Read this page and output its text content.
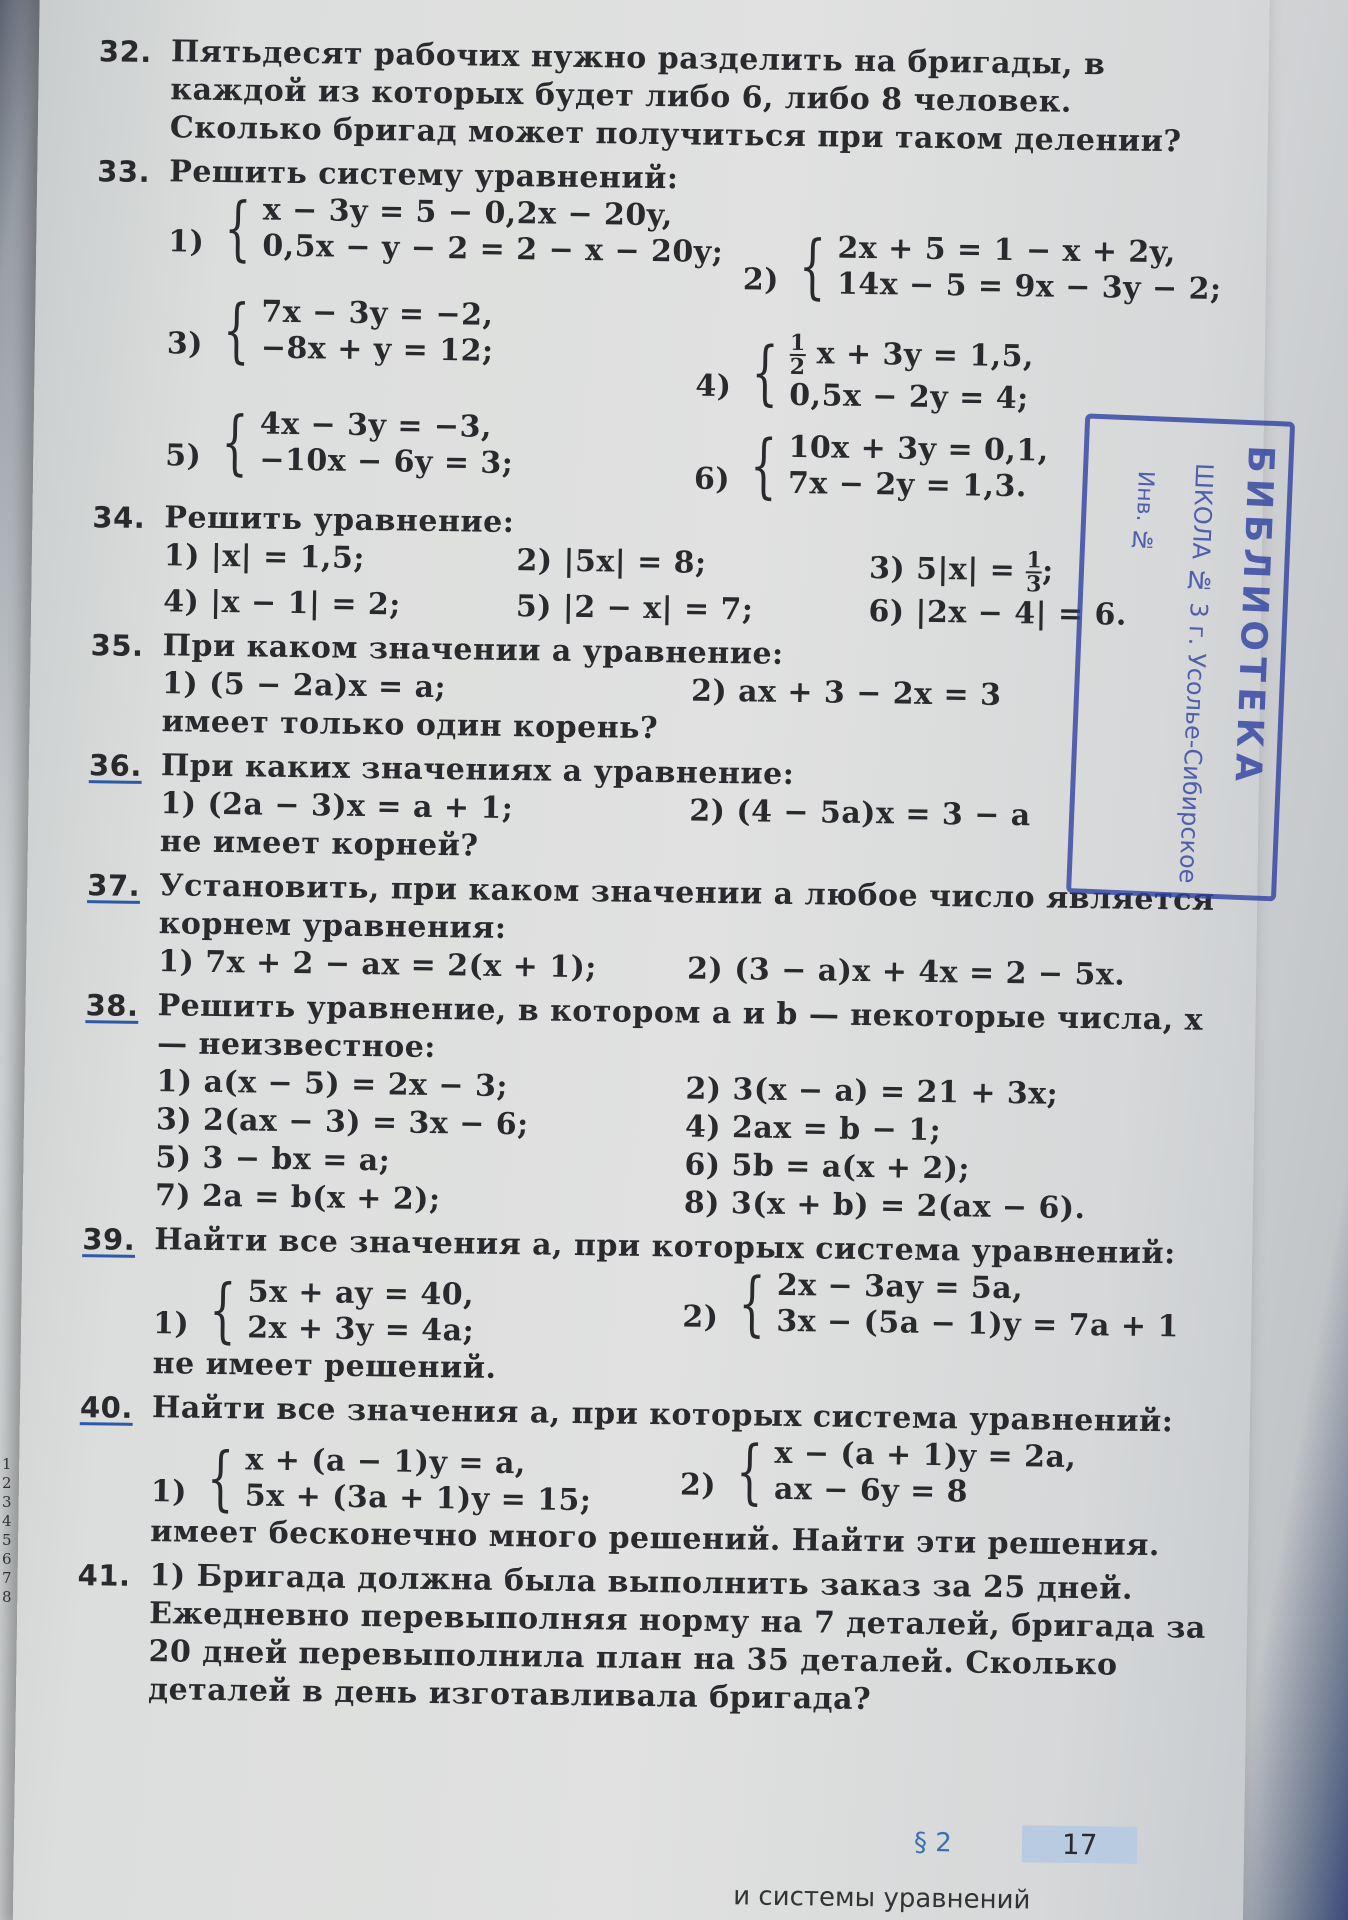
32. Пятьдесят рабочих нужно разделить на бригады, в каждой из которых будет либо 6, либо 8 человек. Сколько бригад может получиться при таком делении?
33. Решить систему уравнений:
1) { x − 3y = 5 − 0,2x − 20y,
0,5x − y − 2 = 2 − x − 20y;
2) { 2x + 5 = 1 − x + 2y,
14x − 5 = 9x − 3y − 2;
3) { 7x − 3y = −2,
−8x + y = 12;
4) { $\frac{1}{2}$ x + 3y = 1,5,
0,5x − 2y = 4;
5) { 4x − 3y = −3,
−10x − 6y = 3;	6) { 10x + 3y = 0,1,
7x − 2y = 1,3.
34. Решить уравнение:
1) |x| = 1,5;	2) |5x| = 8;	3) $5|x| = \frac{1}{3}$ ;
4) |x − 1| = 2;	5) |2 − x| = 7;	6) |2x − 4| = 6.
35. При каком значении a уравнение:
1) (5 − 2a)x = a;	2) ax + 3 − 2x = 3
имеет только один корень?
36. При каких значениях a уравнение:
1) (2a − 3)x = a + 1;	2) (4 − 5a)x = 3 − a
не имеет корней?
37. Установить, при каком значении a любое число является корнем уравнения:
1) 7x + 2 − ax = 2(x + 1);	2) (3 − a)x + 4x = 2 − 5x.
38. Решить уравнение, в котором a и b — некоторые числа, x — неизвестное:
1) a(x − 5) = 2x − 3;	2) 3(x − a) = 21 + 3x;
3) 2(ax − 3) = 3x − 6;	4) 2ax = b − 1;
5) 3 − bx = a;	6) 5b = a(x + 2);
7) 2a = b(x + 2);	8) 3(x + b) = 2(ax − 6).
39. Найти все значения a, при которых система уравнений:
1) { 5x + ay = 40,
2x + 3y = 4a;	2) { 2x − 3ay = 5a,
3x − (5a − 1)y = 7a + 1
не имеет решений.
40. Найти все значения a, при которых система уравнений:
1) { x + (a − 1)y = a,
5x + (3a + 1)y = 15;	2) { x − (a + 1)y = 2a,
ax − 6y = 8
имеет бесконечно много решений. Найти эти решения.
41. 1) Бригада должна была выполнить заказ за 25 дней. Ежедневно перевыполняя норму на 7 деталей, бригада за 20 дней перевыполнила план на 35 деталей. Сколько деталей в день изготавливала бригада?
БИБЛИОТЕКА
ШКОЛА № 3 г. Усолье-Сибирское
Инв. №
§ 2	17
и системы уравнений
1
2
3
4
5
6
7
8
